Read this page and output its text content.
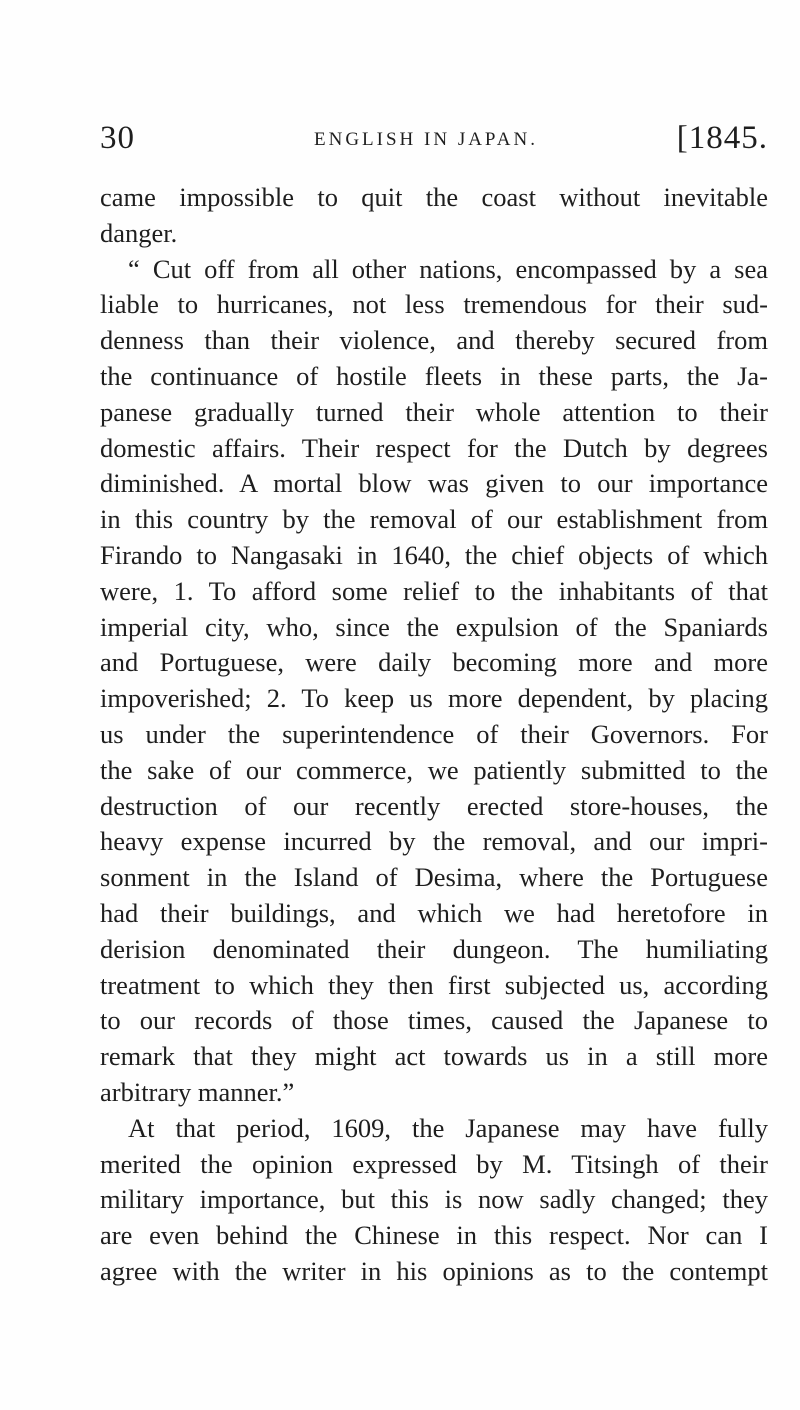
30	ENGLISH IN JAPAN.	[1845.
came impossible to quit the coast without inevitable
danger.
“ Cut off from all other nations, encompassed by a sea
liable to hurricanes, not less tremendous for their sud-
denness than their violence, and thereby secured from
the continuance of hostile fleets in these parts, the Ja-
panese gradually turned their whole attention to their
domestic affairs. Their respect for the Dutch by degrees
diminished. A mortal blow was given to our importance
in this country by the removal of our establishment from
Firando to Nangasaki in 1640, the chief objects of which
were, 1. To afford some relief to the inhabitants of that
imperial city, who, since the expulsion of the Spaniards
and Portuguese, were daily becoming more and more
impoverished; 2. To keep us more dependent, by placing
us under the superintendence of their Governors. For
the sake of our commerce, we patiently submitted to the
destruction of our recently erected store-houses, the
heavy expense incurred by the removal, and our impri-
sonment in the Island of Desima, where the Portuguese
had their buildings, and which we had heretofore in
derision denominated their dungeon. The humiliating
treatment to which they then first subjected us, according
to our records of those times, caused the Japanese to
remark that they might act towards us in a still more
arbitrary manner.”
At that period, 1609, the Japanese may have fully
merited the opinion expressed by M. Titsingh of their
military importance, but this is now sadly changed; they
are even behind the Chinese in this respect. Nor can I
agree with the writer in his opinions as to the contempt
